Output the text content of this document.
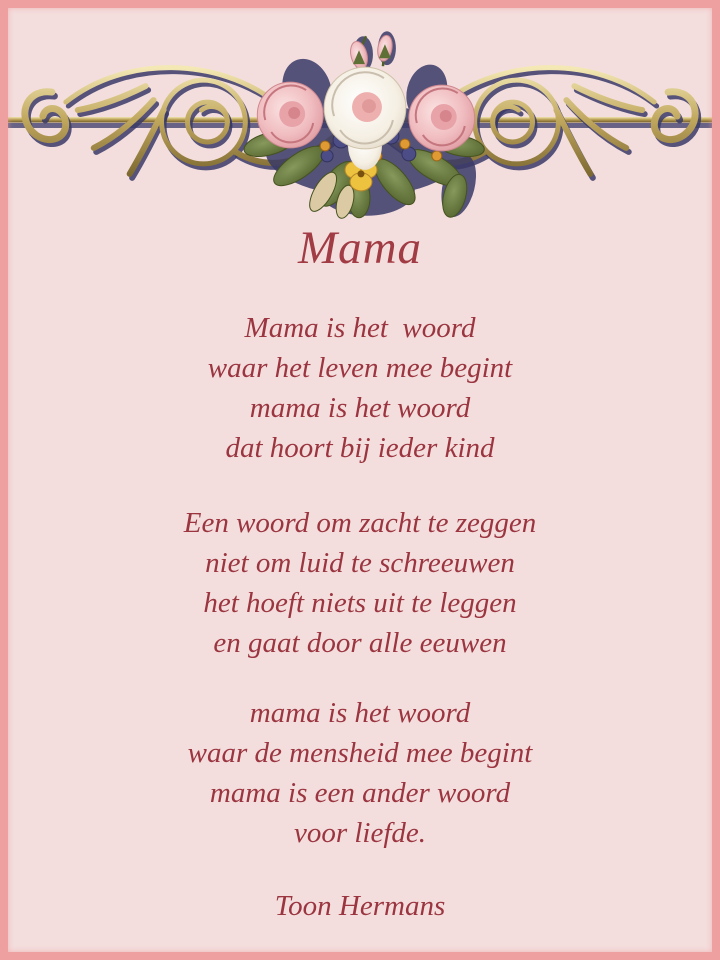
Mama
Mama is het  woord
waar het leven mee begint
mama is het woord
dat hoort bij ieder kind
Een woord om zacht te zeggen
niet om luid te schreeuwen
het hoeft niets uit te leggen
en gaat door alle eeuwen
mama is het woord
waar de mensheid mee begint
mama is een ander woord
voor liefde.
Toon Hermans
